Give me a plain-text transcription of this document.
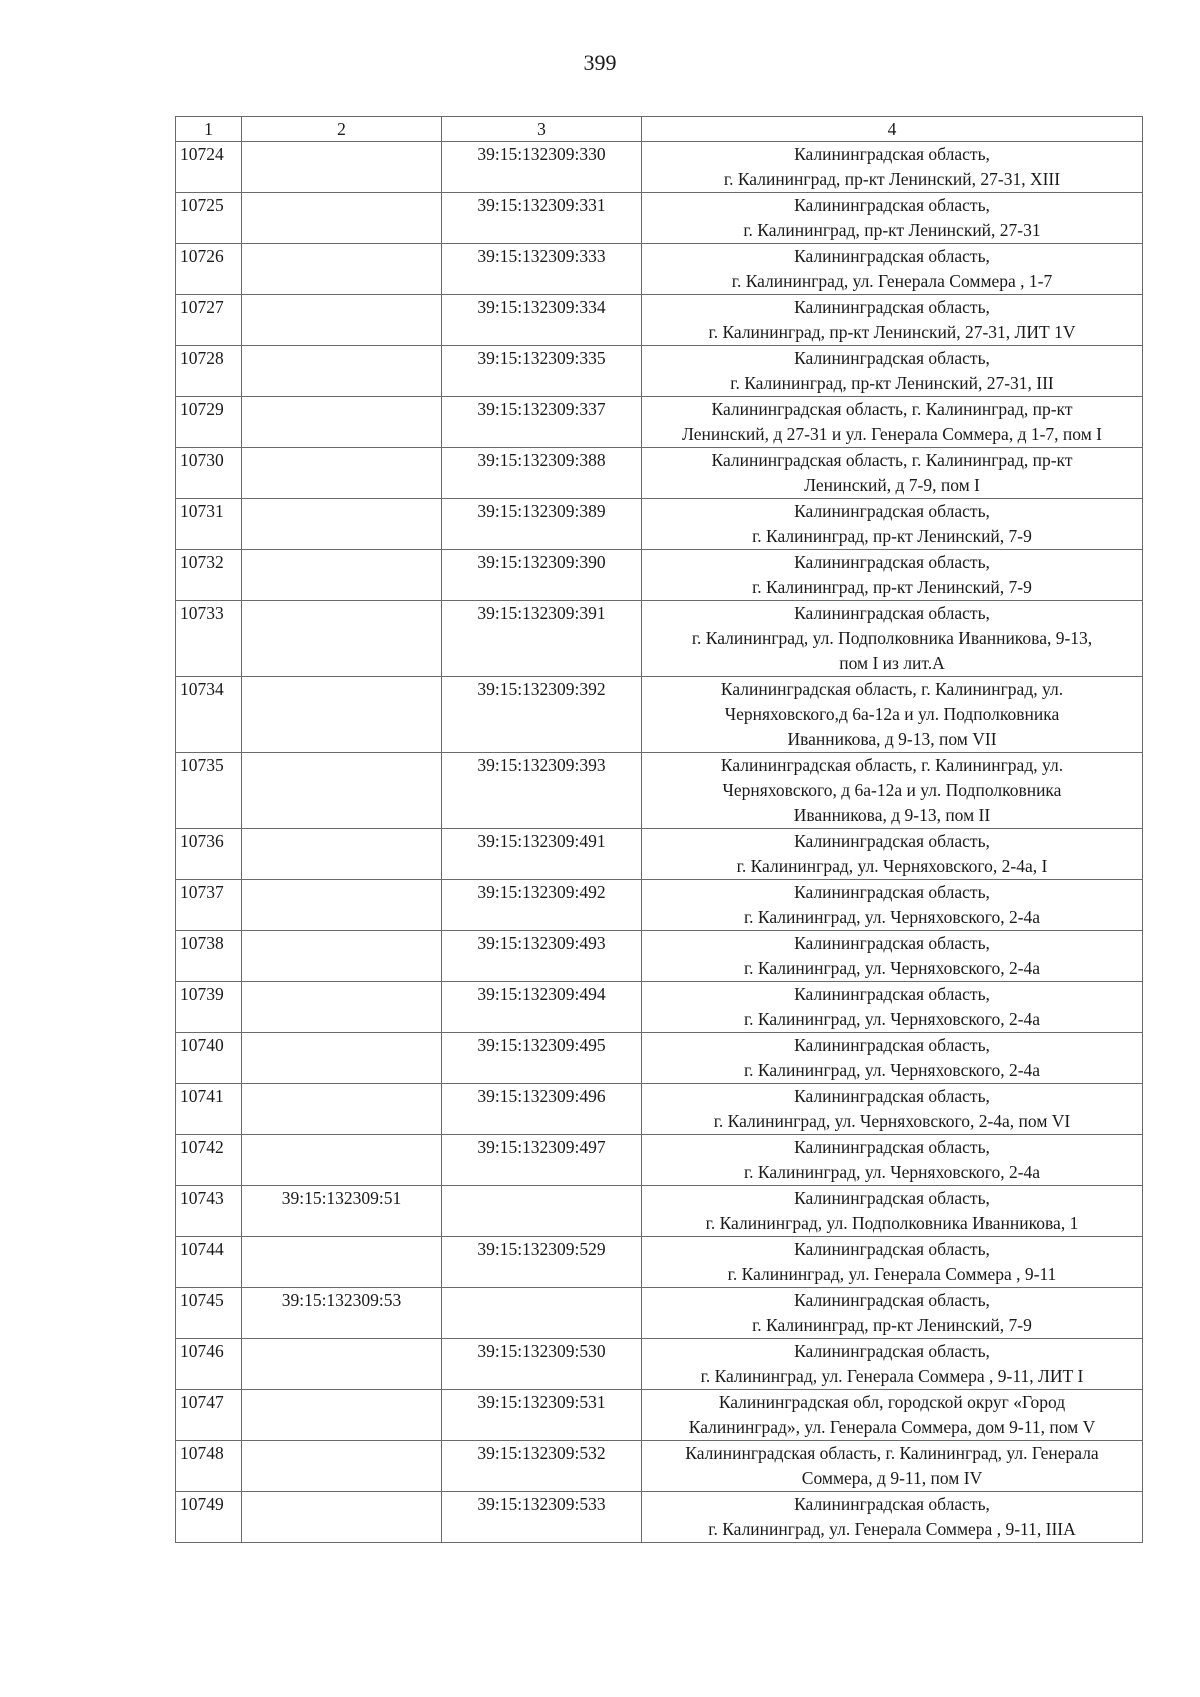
399
1	2	3	4
10724		39:15:132309:330	Калининградская область,
г. Калининград, пр-кт Ленинский, 27-31, XIII

10725		39:15:132309:331	Калининградская область,
г. Калининград, пр-кт Ленинский, 27-31

10726		39:15:132309:333	Калининградская область,
г. Калининград, ул. Генерала Соммера , 1-7

10727		39:15:132309:334	Калининградская область,
г. Калининград, пр-кт Ленинский, 27-31, ЛИТ 1V

10728		39:15:132309:335	Калининградская область,
г. Калининград, пр-кт Ленинский, 27-31, III

10729		39:15:132309:337	Калининградская область, г. Калининград, пр-кт
Ленинский, д 27-31 и ул. Генерала Соммера, д 1-7, пом I

10730		39:15:132309:388	Калининградская область, г. Калининград, пр-кт
Ленинский, д 7-9, пом I

10731		39:15:132309:389	Калининградская область,
г. Калининград, пр-кт Ленинский, 7-9

10732		39:15:132309:390	Калининградская область,
г. Калининград, пр-кт Ленинский, 7-9

10733		39:15:132309:391	Калининградская область,
г. Калининград, ул. Подполковника Иванникова, 9-13,
пом I из лит.А

10734		39:15:132309:392	Калининградская область, г. Калининград, ул.
Черняховского,д 6а-12а и ул. Подполковника
Иванникова, д 9-13, пом VII

10735		39:15:132309:393	Калининградская область, г. Калининград, ул.
Черняховского, д 6а-12а и ул. Подполковника
Иванникова, д 9-13, пом II

10736		39:15:132309:491	Калининградская область,
г. Калининград, ул. Черняховского, 2-4а, I

10737		39:15:132309:492	Калининградская область,
г. Калининград, ул. Черняховского, 2-4а

10738		39:15:132309:493	Калининградская область,
г. Калининград, ул. Черняховского, 2-4а

10739		39:15:132309:494	Калининградская область,
г. Калининград, ул. Черняховского, 2-4а

10740		39:15:132309:495	Калининградская область,
г. Калининград, ул. Черняховского, 2-4а

10741		39:15:132309:496	Калининградская область,
г. Калининград, ул. Черняховского, 2-4а, пом VI

10742		39:15:132309:497	Калининградская область,
г. Калининград, ул. Черняховского, 2-4а

10743	39:15:132309:51		Калининградская область,
г. Калининград, ул. Подполковника Иванникова, 1

10744		39:15:132309:529	Калининградская область,
г. Калининград, ул. Генерала Соммера , 9-11

10745	39:15:132309:53		Калининградская область,
г. Калининград, пр-кт Ленинский, 7-9

10746		39:15:132309:530	Калининградская область,
г. Калининград, ул. Генерала Соммера , 9-11, ЛИТ I

10747		39:15:132309:531	Калининградская обл, городской округ «Город
Калининград», ул. Генерала Соммера, дом 9-11, пом V

10748		39:15:132309:532	Калининградская область, г. Калининград, ул. Генерала
Соммера, д 9-11, пом IV

10749		39:15:132309:533	Калининградская область,
г. Калининград, ул. Генерала Соммера , 9-11, IIIА
